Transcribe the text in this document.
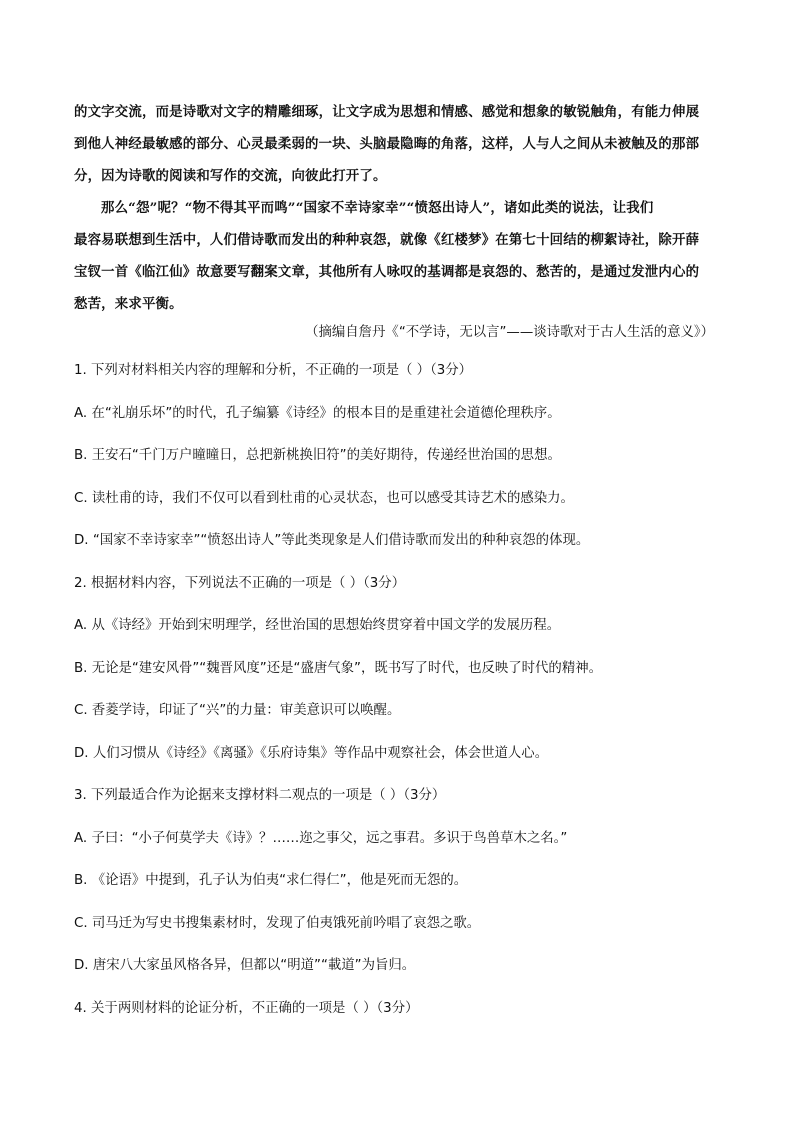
的文字交流，而是诗歌对文字的精雕细琢，让文字成为思想和情感、感觉和想象的敏锐触角，有能力伸展
到他人神经最敏感的部分、心灵最柔弱的一块、头脑最隐晦的角落，这样，人与人之间从未被触及的那部
分，因为诗歌的阅读和写作的交流，向彼此打开了。

那么“怨”呢？“物不得其平而鸣”“国家不幸诗家幸”“愤怒出诗人”，诸如此类的说法，让我们
最容易联想到生活中，人们借诗歌而发出的种种哀怨，就像《红楼梦》在第七十回结的柳絮诗社，除开薛
宝钗一首《临江仙》故意要写翻案文章，其他所有人咏叹的基调都是哀怨的、愁苦的，是通过发泄内心的
愁苦，来求平衡。

（摘编自詹丹《“不学诗，无以言”——谈诗歌对于古人生活的意义》）
1. 下列对材料相关内容的理解和分析，不正确的一项是（ ）（3分）
A. 在“礼崩乐坏”的时代，孔子编纂《诗经》的根本目的是重建社会道德伦理秩序。
B. 王安石“千门万户曈曈日，总把新桃换旧符”的美好期待，传递经世治国的思想。
C. 读杜甫的诗，我们不仅可以看到杜甫的心灵状态，也可以感受其诗艺术的感染力。
D. “国家不幸诗家幸”“愤怒出诗人”等此类现象是人们借诗歌而发出的种种哀怨的体现。
2. 根据材料内容，下列说法不正确的一项是（ ）（3分）
A. 从《诗经》开始到宋明理学，经世治国的思想始终贯穿着中国文学的发展历程。
B. 无论是“建安风骨”“魏晋风度”还是“盛唐气象”，既书写了时代，也反映了时代的精神。
C. 香菱学诗，印证了“兴”的力量：审美意识可以唤醒。
D. 人们习惯从《诗经》《离骚》《乐府诗集》等作品中观察社会，体会世道人心。
3. 下列最适合作为论据来支撑材料二观点的一项是（ ）（3分）
A. 子曰：“小子何莫学夫《诗》？……迩之事父，远之事君。多识于鸟兽草木之名。”
B. 《论语》中提到，孔子认为伯夷“求仁得仁”，他是死而无怨的。
C. 司马迁为写史书搜集素材时，发现了伯夷饿死前吟唱了哀怨之歌。
D. 唐宋八大家虽风格各异，但都以“明道”“載道”为旨归。
4. 关于两则材料的论证分析，不正确的一项是（ ）（3分）
